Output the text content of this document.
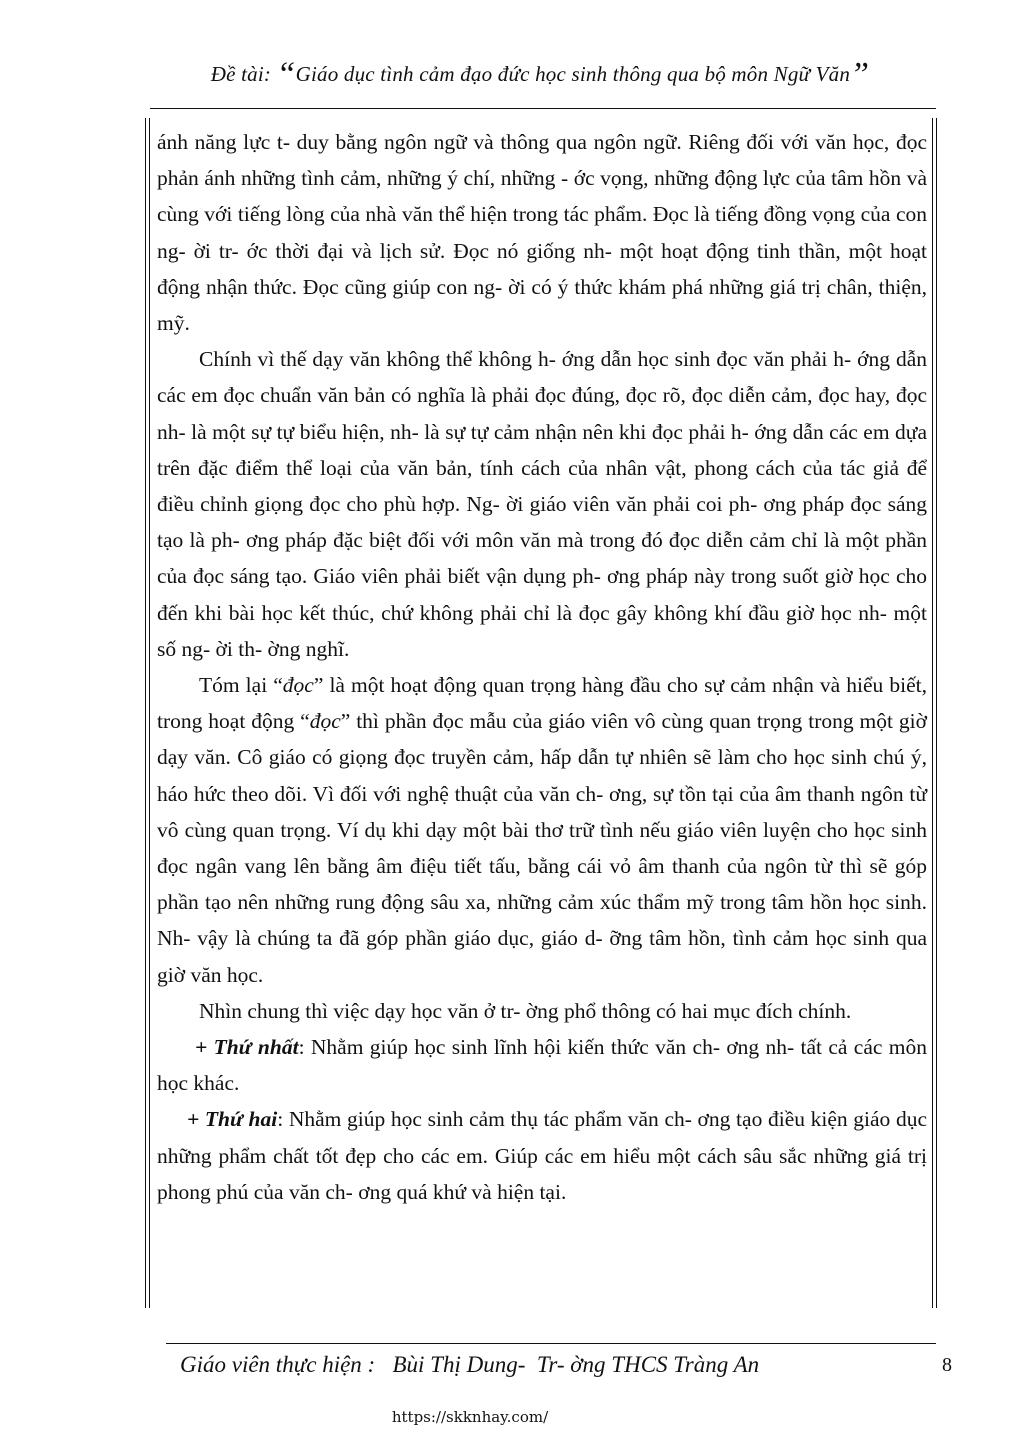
Đề tài: “Giáo dục tình cảm đạo đức học sinh thông qua bộ môn Ngữ Văn”

ánh năng lực t- duy bằng ngôn ngữ và thông qua ngôn ngữ. Riêng đối với văn học, đọc phản ánh những tình cảm, những ý chí, những - ớc vọng, những động lực của tâm hồn và cùng với tiếng lòng của nhà văn thể hiện trong tác phẩm. Đọc là tiếng đồng vọng của con ng- ời tr- ớc thời đại và lịch sử. Đọc nó giống nh- một hoạt động tinh thần, một hoạt động nhận thức. Đọc cũng giúp con ng- ời có ý thức khám phá những giá trị chân, thiện, mỹ.

Chính vì thế dạy văn không thể không h- ớng dẫn học sinh đọc văn phải h- ớng dẫn các em đọc chuẩn văn bản có nghĩa là phải đọc đúng, đọc rõ, đọc diễn cảm, đọc hay, đọc nh- là một sự tự biểu hiện, nh- là sự tự cảm nhận nên khi đọc phải h- ớng dẫn các em dựa trên đặc điểm thể loại của văn bản, tính cách của nhân vật, phong cách của tác giả để điều chỉnh giọng đọc cho phù hợp. Ng- ời giáo viên văn phải coi ph- ơng pháp đọc sáng tạo là ph- ơng pháp đặc biệt đối với môn văn mà trong đó đọc diễn cảm chỉ là một phần của đọc sáng tạo. Giáo viên phải biết vận dụng ph- ơng pháp này trong suốt giờ học cho đến khi bài học kết thúc, chứ không phải chỉ là đọc gây không khí đầu giờ học nh- một số ng- ời th- ờng nghĩ.

Tóm lại “đọc” là một hoạt động quan trọng hàng đầu cho sự cảm nhận và hiểu biết, trong hoạt động “đọc” thì phần đọc mẫu của giáo viên vô cùng quan trọng trong một giờ dạy văn. Cô giáo có giọng đọc truyền cảm, hấp dẫn tự nhiên sẽ làm cho học sinh chú ý, háo hức theo dõi. Vì đối với nghệ thuật của văn ch- ơng, sự tồn tại của âm thanh ngôn từ vô cùng quan trọng. Ví dụ khi dạy một bài thơ trữ tình nếu giáo viên luyện cho học sinh đọc ngân vang lên bằng âm điệu tiết tấu, bằng cái vỏ âm thanh của ngôn từ thì sẽ góp phần tạo nên những rung động sâu xa, những cảm xúc thẩm mỹ trong tâm hồn học sinh. Nh- vậy là chúng ta đã góp phần giáo dục, giáo d- ỡng tâm hồn, tình cảm học sinh qua giờ văn học.

Nhìn chung thì việc dạy học văn ở tr- ờng phổ thông có hai mục đích chính.

+ Thứ nhất: Nhằm giúp học sinh lĩnh hội kiến thức văn ch- ơng nh- tất cả các môn học khác.

+ Thứ hai: Nhằm giúp học sinh cảm thụ tác phẩm văn ch- ơng tạo điều kiện giáo dục những phẩm chất tốt đẹp cho các em. Giúp các em hiểu một cách sâu sắc những giá trị phong phú của văn ch- ơng quá khứ và hiện tại.

Giáo viên thực hiện :   Bùi Thị Dung-  Tr- ờng THCS Tràng An	8
https://skknhay.com/
